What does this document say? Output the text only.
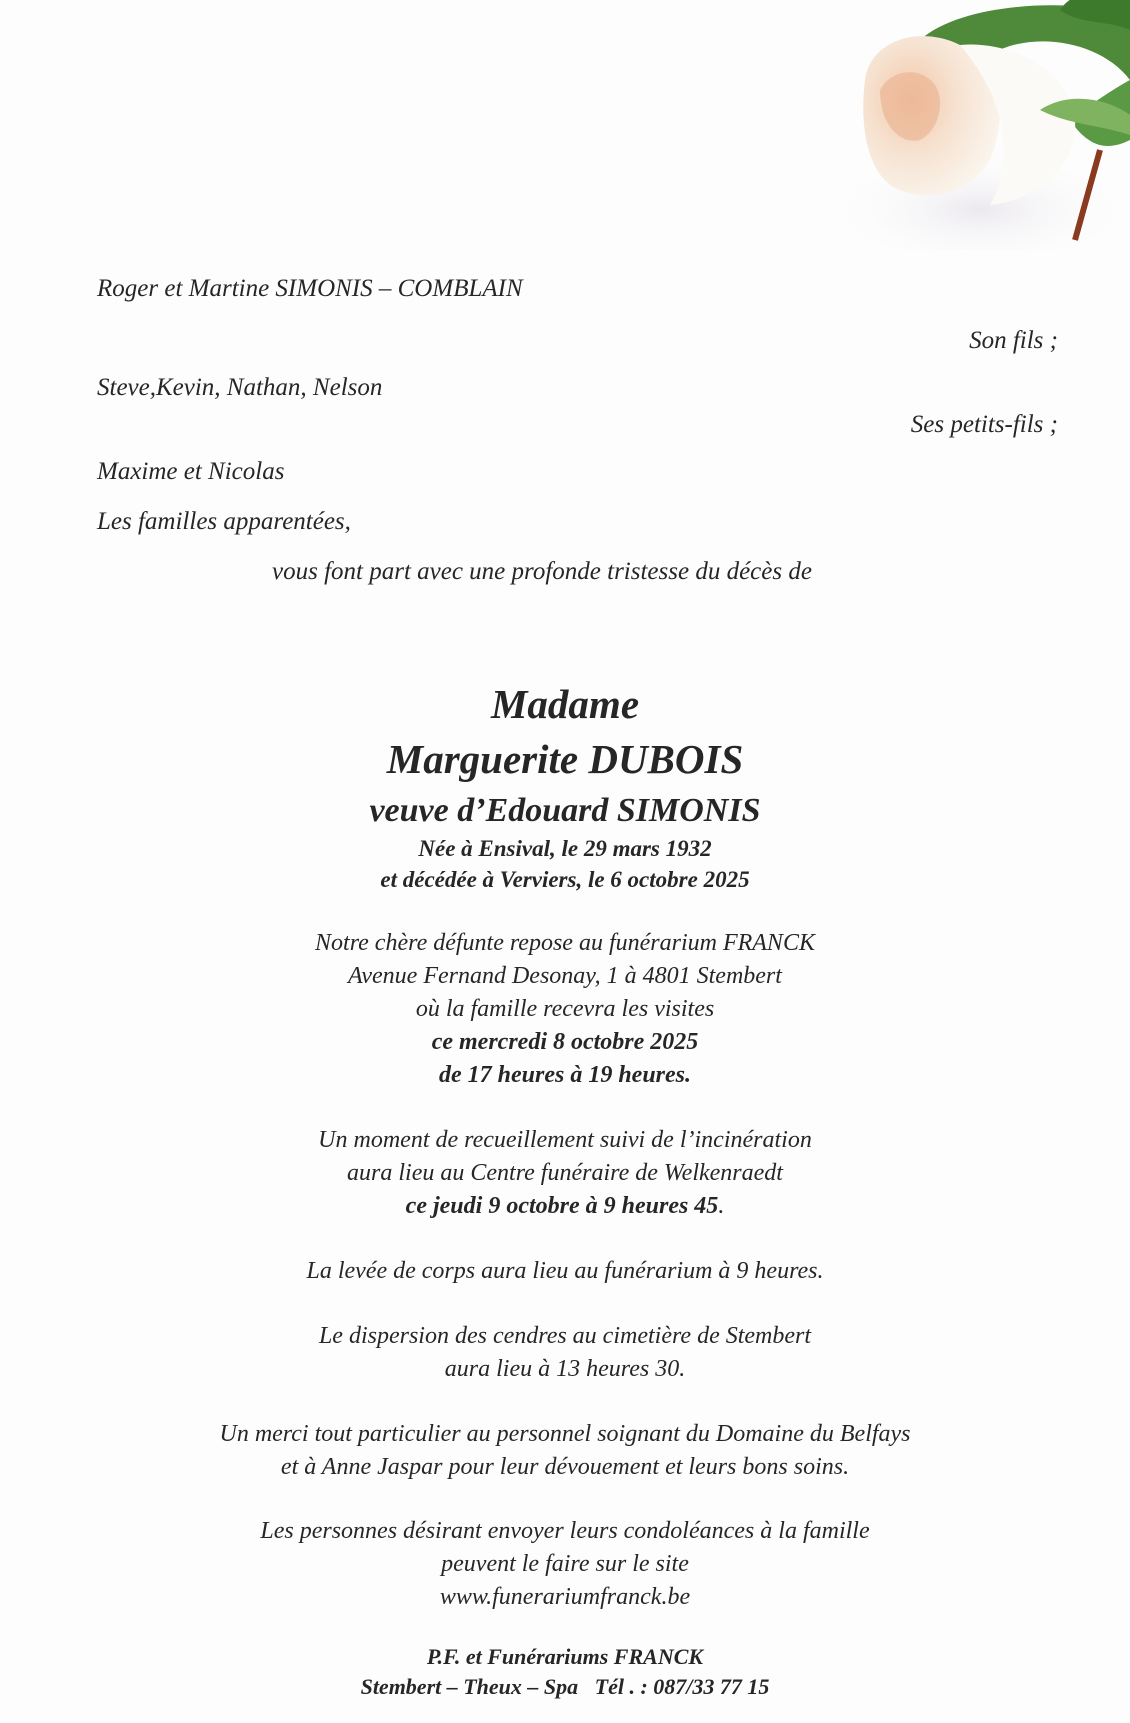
Roger et Martine SIMONIS – COMBLAIN
Son fils ;
Steve,Kevin, Nathan, Nelson
Ses petits-fils ;
Maxime et Nicolas
Les familles apparentées,
vous font part avec une profonde tristesse du décès de
Madame
Marguerite DUBOIS
veuve d’Edouard SIMONIS
Née à Ensival, le 29 mars 1932
et décédée à Verviers, le 6 octobre 2025
Notre chère défunte repose au funérarium FRANCK
Avenue Fernand Desonay, 1 à 4801 Stembert
où la famille recevra les visites
ce mercredi 8 octobre 2025
de 17 heures à 19 heures.
Un moment de recueillement suivi de l’incinération
aura lieu au Centre funéraire de Welkenraedt
ce jeudi 9 octobre à 9 heures 45.
La levée de corps aura lieu au funérarium à 9 heures.
Le dispersion des cendres au cimetière de Stembert
aura lieu à 13 heures 30.
Un merci tout particulier au personnel soignant du Domaine du Belfays
et à Anne Jaspar pour leur dévouement et leurs bons soins.
Les personnes désirant envoyer leurs condoléances à la famille
peuvent le faire sur le site
www.funerariumfranck.be
P.F. et Funérariums FRANCK
Stembert – Theux – Spa   Tél . : 087/33 77 15
